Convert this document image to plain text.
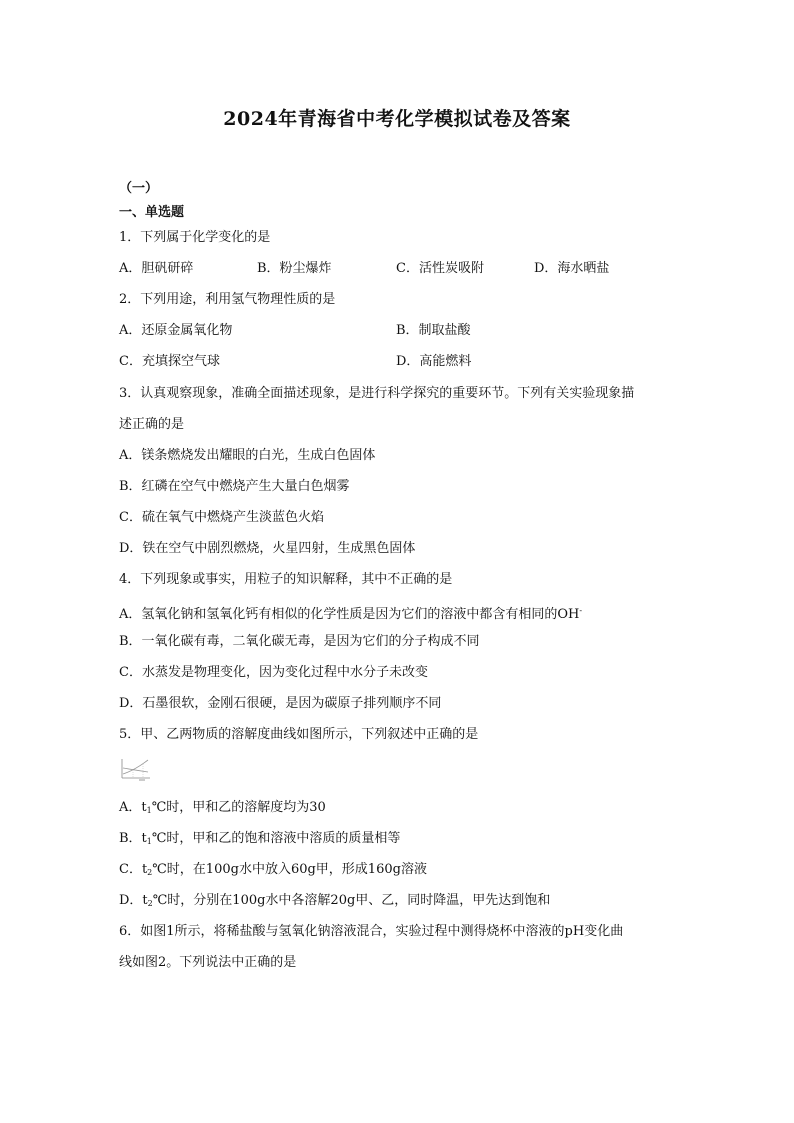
2024年青海省中考化学模拟试卷及答案
（一）
一、单选题
1．下列属于化学变化的是
A．胆矾研碎	B．粉尘爆炸	C．活性炭吸附	D．海水晒盐
2．下列用途，利用氢气物理性质的是
A．还原金属氧化物	B．制取盐酸
C．充填探空气球	D．高能燃料
3．认真观察现象，准确全面描述现象，是进行科学探究的重要环节。下列有关实验现象描
述正确的是
A．镁条燃烧发出耀眼的白光，生成白色固体
B．红磷在空气中燃烧产生大量白色烟雾
C．硫在氧气中燃烧产生淡蓝色火焰
D．铁在空气中剧烈燃烧，火星四射，生成黑色固体
4．下列现象或事实，用粒子的知识解释，其中不正确的是
A．氢氧化钠和氢氧化钙有相似的化学性质是因为它们的溶液中都含有相同的OH-
B．一氧化碳有毒，二氧化碳无毒，是因为它们的分子构成不同
C．水蒸发是物理变化，因为变化过程中水分子未改变
D．石墨很软，金刚石很硬，是因为碳原子排列顺序不同
5．甲、乙两物质的溶解度曲线如图所示，下列叙述中正确的是
A．$t_1℃$时，甲和乙的溶解度均为30
B．$t_1℃$时，甲和乙的饱和溶液中溶质的质量相等
C．$t_2℃$时，在100g水中放入60g甲，形成160g溶液
D．$t_2℃$时，分别在100g水中各溶解20g甲、乙，同时降温，甲先达到饱和
6．如图1所示，将稀盐酸与氢氧化钠溶液混合，实验过程中测得烧杯中溶液的pH变化曲
线如图2。下列说法中正确的是
